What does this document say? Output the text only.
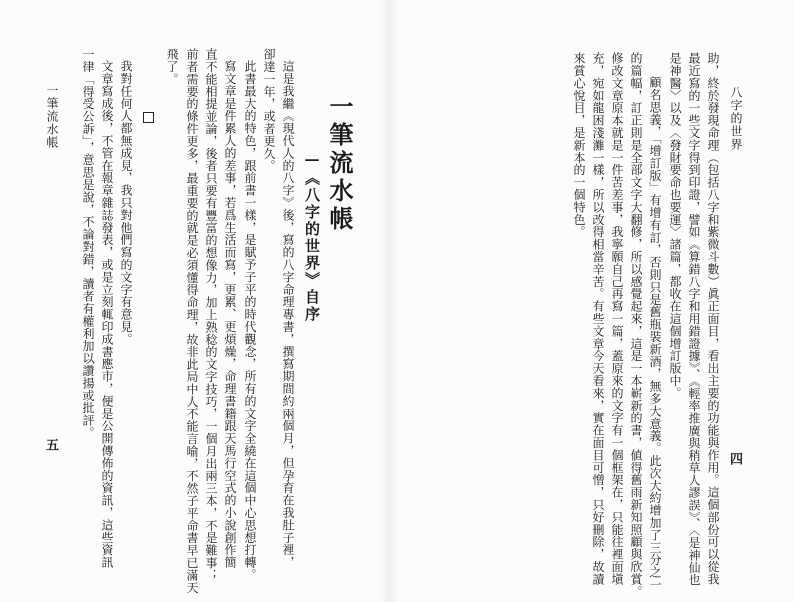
八字的世界
助，終於發現命理（包括八字和紫微斗數）眞正面目，看出主要的功能與作用。這個部份可以從我
最近寫的一些文字得到印證，譬如《算錯八字和用錯證據》、《輕率推廣與稍草人謬誤》、〈是神仙也
是神醫〉以及〈發財要命也要運〉諸篇，都收在這個增訂版中。
顧名思義，「增訂版」有增有訂，否則只是舊瓶裝新酒，無多大意義。此次大約增加了三分之一
的篇幅，訂正則是全部文字大翻修，所以感覺起來，這是一本嶄新的書，値得舊雨新知照顧與欣賞。
修改文章原本就是一件苦差事，我寧願自己再寫一篇，蓋原來的文字有一個框架在，只能往裡面塡
充，宛如龍困淺灘一樣，所以改得相當辛苦。有些文章今天看來，實在面目可憎，只好刪除，故讀
來賞心悅目，是新本的一個特色。
四
一筆流水帳
—《八字的世界》自序
這是我繼《現代人的八字》後，寫的八字命理專書，撰寫期間約兩個月，但孕育在我肚子裡，
卻達一年，或者更久。
此書最大的特色，跟前書一樣，是賦予子平的時代觀念，所有的文字全繞在這個中心思想打轉。
寫文章是件累人的差事，若爲生活而寫，更累、更煩燥，命理書籍跟天馬行空式的小說創作簡
直不能相提並論，後者只要有豐富的想像力，加上熟稔的文字技巧，一個月出兩三本，不是難事；
前者需要的條件更多，最重要的就是必須懂得命理，故非此局中人不能言喻，不然子平命書早已滿天
飛了。
我對任何人都無成見，我只對他們寫的文字有意見。
文章寫成後，不管在報章雜誌發表，或是立刻輒印成書應市，便是公開傳佈的資訊，這些資訊
一律「得受公訴」，意思是說，不論對錯，讀者有權利加以讚揚或批評。
一筆流水帳
五
